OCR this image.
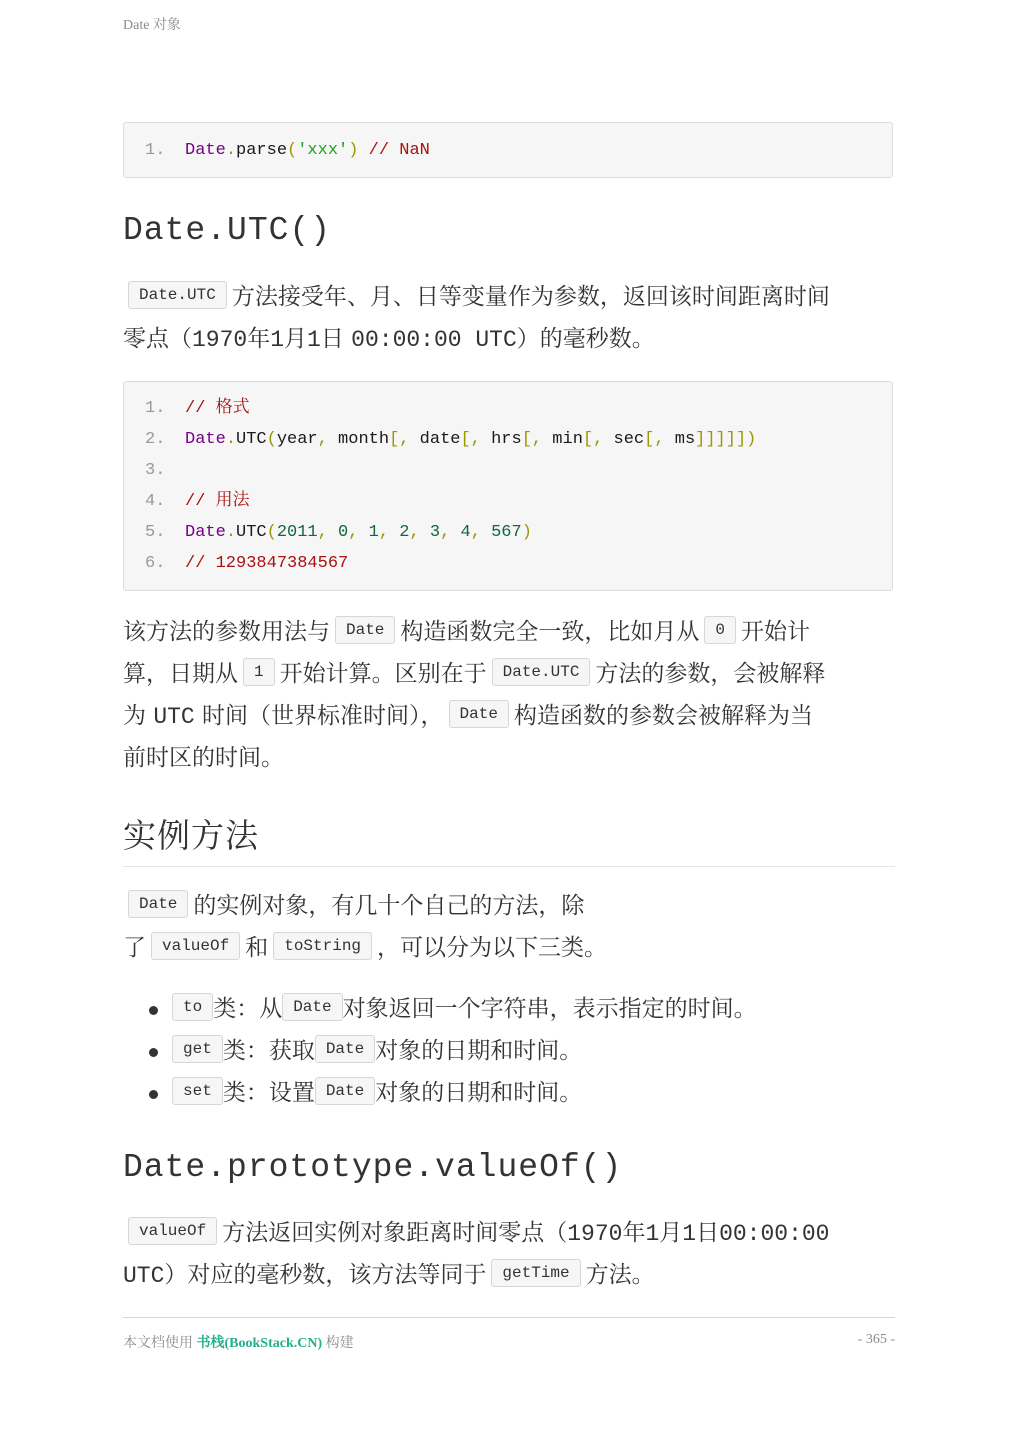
Date 对象
1. Date.parse('xxx') // NaN
Date.UTC()
Date.UTC 方法接受年、月、日等变量作为参数，返回该时间距离时间
零点（1970年1月1日 00:00:00 UTC）的毫秒数。
1. // 格式
2. Date.UTC(year, month[, date[, hrs[, min[, sec[, ms]]]]])
3.
4. // 用法
5. Date.UTC(2011, 0, 1, 2, 3, 4, 567)
6. // 1293847384567
该方法的参数用法与 Date 构造函数完全一致，比如月从 0 开始计
算，日期从 1 开始计算。区别在于 Date.UTC 方法的参数，会被解释
为 UTC 时间（世界标准时间）， Date 构造函数的参数会被解释为当
前时区的时间。
实例方法
Date 的实例对象，有几十个自己的方法，除
了 valueOf 和 toString ，可以分为以下三类。
to 类：从 Date 对象返回一个字符串，表示指定的时间。
get 类：获取 Date 对象的日期和时间。
set 类：设置 Date 对象的日期和时间。
Date.prototype.valueOf()
valueOf 方法返回实例对象距离时间零点（1970年1月1日00:00:00
UTC）对应的毫秒数，该方法等同于 getTime 方法。
本文档使用 书栈(BookStack.CN) 构建	- 365 -
